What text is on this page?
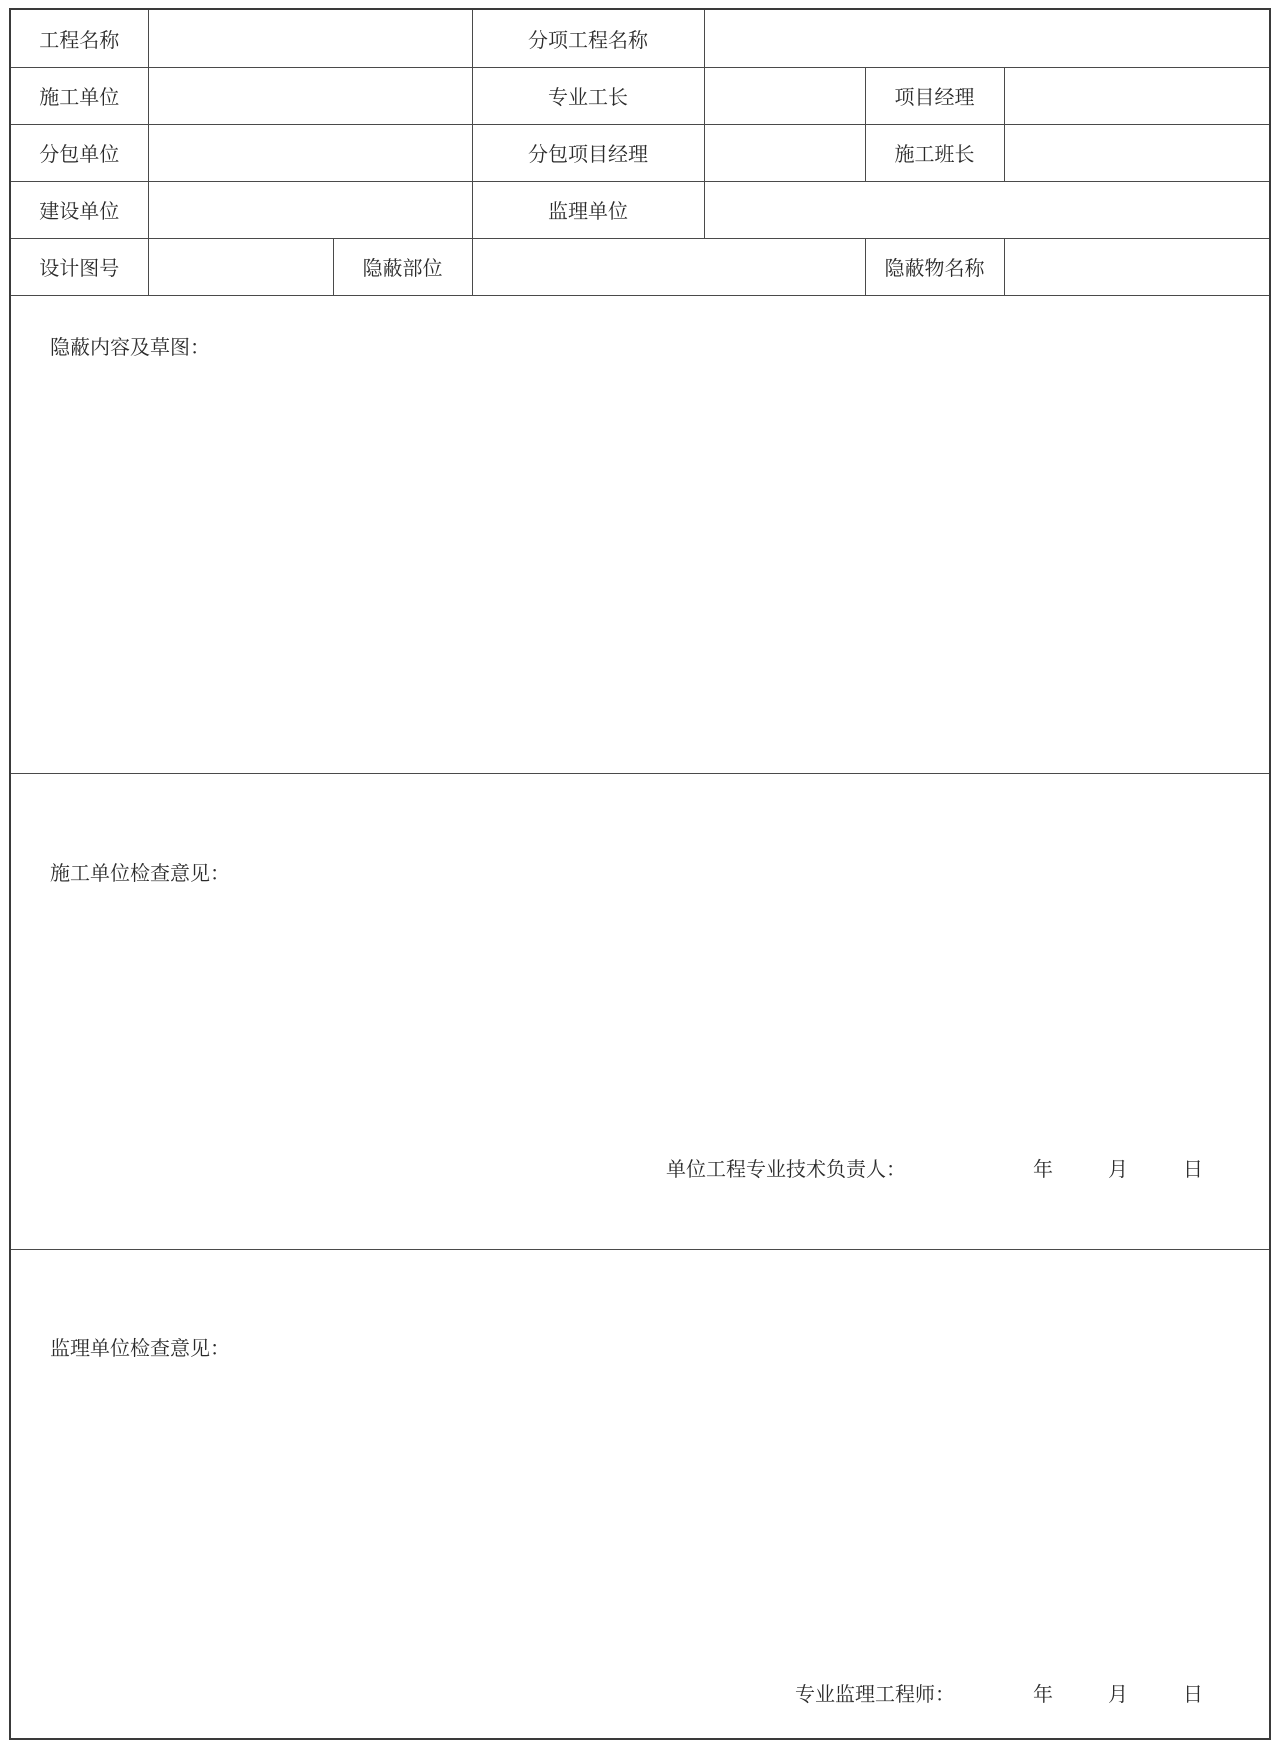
工程名称			分项工程名称			
施工单位			专业工长		项目经理	
分包单位			分包项目经理		施工班长	
建设单位			监理单位			
设计图号		隐蔽部位			隐蔽物名称	
隐蔽内容及草图：
施工单位检查意见：
单位工程专业技术负责人：	年	月	日
监理单位检查意见：
专业监理工程师：	年	月	日
